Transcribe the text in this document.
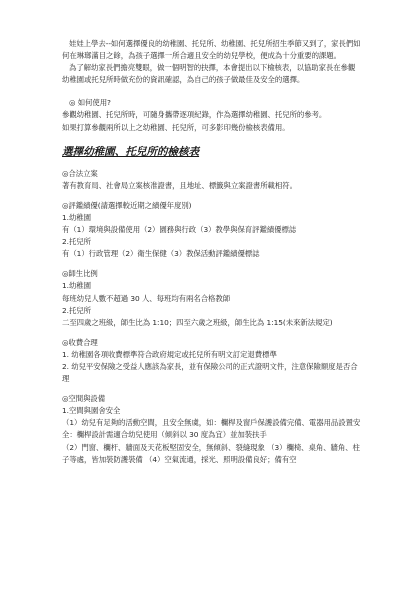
娃娃上學去--如何選擇優良的幼稚園、托兒所、幼稚園、托兒所招生季節又到了，家長們如何在琳瑯滿目之餘，為孩子選擇一所合適且安全的幼兒學校，便成為十分重要的課題。

為了解幼家長們擔亮雙眼，做一個明智的抉擇，本會提出以下檢核表，以協助家長在參觀幼稚園或托兒所時做充份的資訊確認，為自己的孩子做最佳及安全的選擇。

◎ 如何使用?

參觀幼稚園、托兒所時，可隨身攜帶逐項紀錄，作為選擇幼稚園、托兒所的參考。

如果打算參觀兩所以上之幼稚園、托兒所，可多影印幾份檢核表備用。

選擇幼稚園、托兒所的檢核表

◎合法立案

著有教育局、社會局立案核准證書，且地址、標籤與立案證書所載相符。

◎評鑑績優(請選擇較近期之績優年度別)

1.幼稚園

有（1）環境與設備使用（2）園務與行政（3）教學與保育評鑑績優標誌

2.托兒所

有（1）行政管理（2）衛生保健（3）教保活動評鑑績優標誌

◎師生比例

1.幼稚園

每班幼兒人數不超過 30 人、每班均有兩名合格教師

2.托兒所

二至四歲之班級，師生比為 1:10；四至六歲之班級，師生比為 1:15(未來新法規定)

◎收費合理

1. 幼稚園各項收費標準符合政府規定或托兒所有明文訂定退費標準

2. 幼兒平安保險之受益人應該為家長，並有保險公司的正式證明文件，注意保險額度是否合理

◎空間與設備

1.空間與園舍安全

（1）幼兒有足夠的活動空間，且安全無虞，如：欄桿及窗戶保護設備完備、電器用品設置安全：欄桿設計需適合幼兒使用（傾斜以 30 度為宜）並加裝扶手

（2）門窗、欄杆、牆面及天花板堅固安全，無傾斜、裂縫現象 （3）欄椅、桌角、牆角、柱子等處，皆加裝防護裝備 （4）空氣流通，採光、照明設備良好；備有空
